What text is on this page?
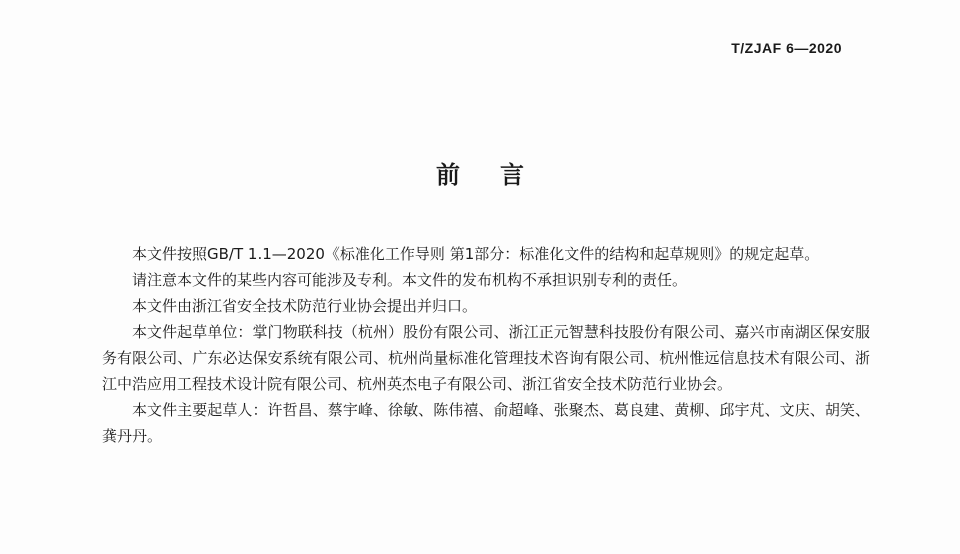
T/ZJAF 6—2020
前言

本文件按照GB/T 1.1—2020《标准化工作导则 第1部分：标准化文件的结构和起草规则》的规定起草。

请注意本文件的某些内容可能涉及专利。本文件的发布机构不承担识别专利的责任。

本文件由浙江省安全技术防范行业协会提出并归口。

本文件起草单位：掌门物联科技（杭州）股份有限公司、浙江正元智慧科技股份有限公司、嘉兴市南湖区保安服务有限公司、广东必达保安系统有限公司、杭州尚量标准化管理技术咨询有限公司、杭州惟远信息技术有限公司、浙江中浩应用工程技术设计院有限公司、杭州英杰电子有限公司、浙江省安全技术防范行业协会。

本文件主要起草人：许哲昌、蔡宇峰、徐敏、陈伟禧、俞超峰、张聚杰、葛良建、黄柳、邱宇芃、文庆、胡笑、龚丹丹。
